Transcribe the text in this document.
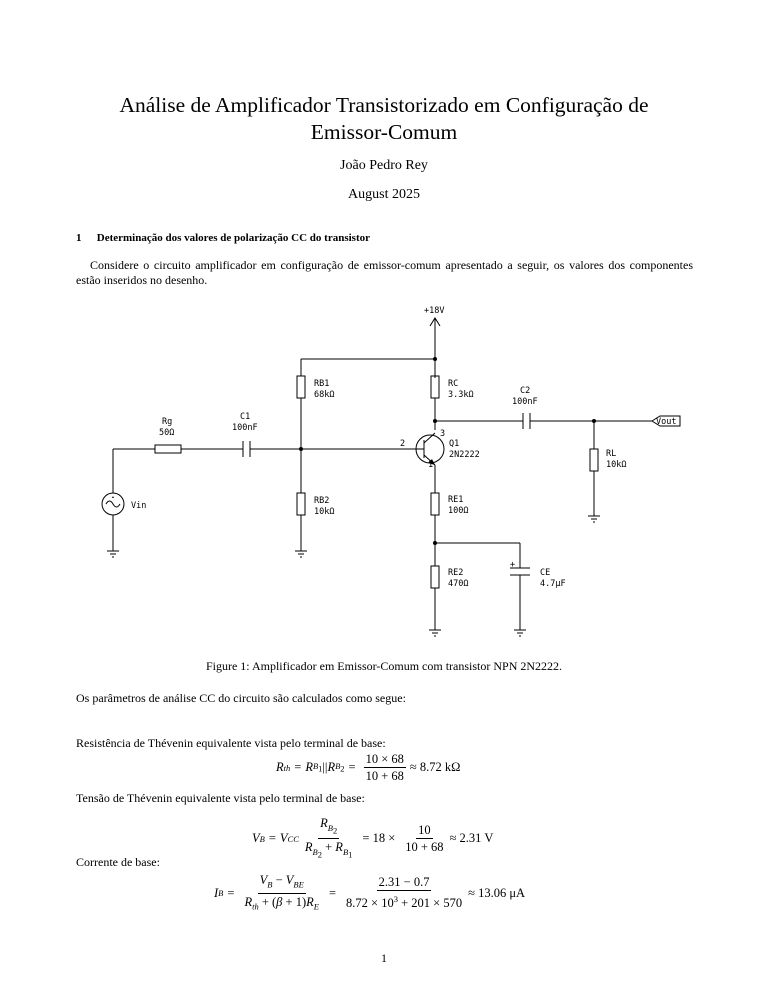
Análise de Amplificador Transistorizado em Configuração de
Emissor-Comum
João Pedro Rey
August 2025
1 Determinação dos valores de polarização CC do transistor
Considere o circuito amplificador em configuração de emissor-comum apresentado a seguir, os valores dos componentes estão inseridos no desenho.
+18V
RB1
68kΩ
RB2
10kΩ
RC
3.3kΩ	C2
100nF
C1
100nF
Rg
50Ω
Q1
2N2222
2
3
1
RL
10kΩ
RE1
100Ω
RE2
470Ω
CE
4.7μF
+
Vin
Vout
Figure 1: Amplificador em Emissor-Comum com transistor NPN 2N2222.
Os parâmetros de análise CC do circuito são calculados como segue:
Resistência de Thévenin equivalente vista pelo terminal de base:
R th = R $B_1$ || R $B_2 = \frac{10 \times 68}{10 + 68} \approx 8.72$ kΩ
Tensão de Thévenin equivalente vista pelo terminal de base:
V B = V CC $\frac{R_{B_2}}{R_{B_2} + R_{B_1}} = 18 \times \frac{10}{10 + 68} \approx 2.31$ V
Corrente de base:
I $B = \frac{V_B - V_{BE}}{R_{th} + (\beta + 1)R_E} = \frac{2.31 - 0.7}{8.72 \times 10^3 + 201 \times 570} \approx 13.06$ μA
1
